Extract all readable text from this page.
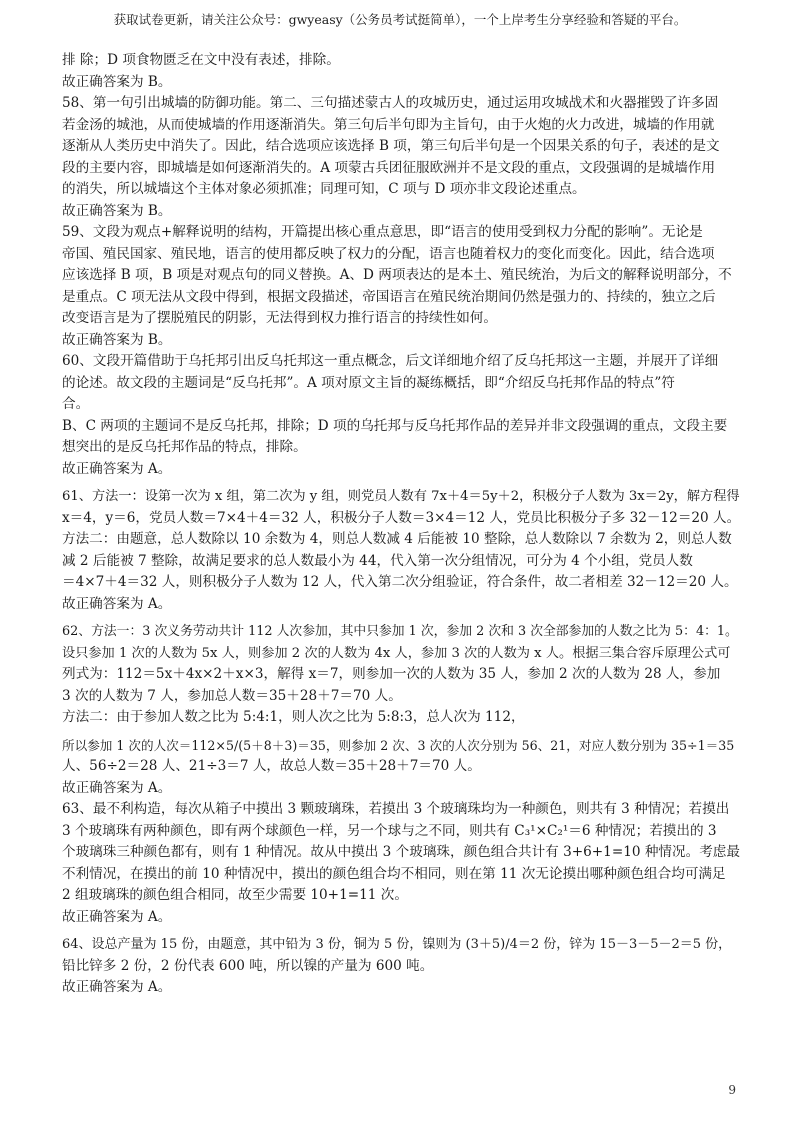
获取试卷更新，请关注公众号：gwyeasy（公务员考试挺简单），一个上岸考生分享经验和答疑的平台。

排 除；D 项食物匮乏在文中没有表述，排除。

故正确答案为 B。

58、第一句引出城墙的防御功能。第二、三句描述蒙古人的攻城历史，通过运用攻城战术和火器摧毁了许多固

若金汤的城池，从而使城墙的作用逐渐消失。第三句后半句即为主旨句，由于火炮的火力改进，城墙的作用就

逐渐从人类历史中消失了。因此，结合选项应该选择 B 项，第三句后半句是一个因果关系的句子，表述的是文

段的主要内容，即城墙是如何逐渐消失的。A 项蒙古兵团征服欧洲并不是文段的重点，文段强调的是城墙作用

的消失，所以城墙这个主体对象必须抓准；同理可知，C 项与 D 项亦非文段论述重点。

故正确答案为 B。

59、文段为观点+解释说明的结构，开篇提出核心重点意思，即“语言的使用受到权力分配的影响”。无论是

帝国、殖民国家、殖民地，语言的使用都反映了权力的分配，语言也随着权力的变化而变化。因此，结合选项

应该选择 B 项，B 项是对观点句的同义替换。A、D 两项表达的是本土、殖民统治，为后文的解释说明部分，不

是重点。C 项无法从文段中得到，根据文段描述，帝国语言在殖民统治期间仍然是强力的、持续的，独立之后

改变语言是为了摆脱殖民的阴影，无法得到权力推行语言的持续性如何。

故正确答案为 B。

60、文段开篇借助于乌托邦引出反乌托邦这一重点概念，后文详细地介绍了反乌托邦这一主题，并展开了详细

的论述。故文段的主题词是“反乌托邦”。A 项对原文主旨的凝练概括，即“介绍反乌托邦作品的特点”符

合。

B、C 两项的主题词不是反乌托邦，排除；D 项的乌托邦与反乌托邦作品的差异并非文段强调的重点，文段主要

想突出的是反乌托邦作品的特点，排除。

故正确答案为 A。

61、方法一：设第一次为 x 组，第二次为 y 组，则党员人数有 7x＋4＝5y＋2，积极分子人数为 3x＝2y，解方程得

x＝4，y＝6，党员人数＝7×4＋4＝32 人，积极分子人数＝3×4＝12 人，党员比积极分子多 32－12＝20 人。

方法二：由题意，总人数除以 10 余数为 4，则总人数减 4 后能被 10 整除，总人数除以 7 余数为 2，则总人数

减 2 后能被 7 整除，故满足要求的总人数最小为 44，代入第一次分组情况，可分为 4 个小组，党员人数

＝4×7＋4＝32 人，则积极分子人数为 12 人，代入第二次分组验证，符合条件，故二者相差 32－12＝20 人。

故正确答案为 A。

62、方法一：3 次义务劳动共计 112 人次参加，其中只参加 1 次，参加 2 次和 3 次全部参加的人数之比为 5：4：1。

设只参加 1 次的人数为 5x 人，则参加 2 次的人数为 4x 人，参加 3 次的人数为 x 人。根据三集合容斥原理公式可

列式为：112＝5x＋4x×2＋x×3，解得 x＝7，则参加一次的人数为 35 人，参加 2 次的人数为 28 人，参加

3 次的人数为 7 人，参加总人数＝35＋28＋7＝70 人。

方法二：由于参加人数之比为 5:4:1，则人次之比为 5:8:3，总人次为 112，

所以参加 1 次的人次＝112×5/(5＋8＋3)＝35，则参加 2 次、3 次的人次分别为 56、21，对应人数分别为 35÷1＝35

人、56÷2＝28 人、21÷3＝7 人，故总人数＝35＋28＋7＝70 人。

故正确答案为 A。

63、最不利构造，每次从箱子中摸出 3 颗玻璃珠，若摸出 3 个玻璃珠均为一种颜色，则共有 3 种情况；若摸出

3 个玻璃珠有两种颜色，即有两个球颜色一样，另一个球与之不同，则共有 C₃¹×C₂¹＝6 种情况；若摸出的 3

个玻璃珠三种颜色都有，则有 1 种情况。故从中摸出 3 个玻璃珠，颜色组合共计有 3+6+1=10 种情况。考虑最

不利情况，在摸出的前 10 种情况中，摸出的颜色组合均不相同，则在第 11 次无论摸出哪种颜色组合均可满足

2 组玻璃珠的颜色组合相同，故至少需要 10+1=11 次。

故正确答案为 A。

64、设总产量为 15 份，由题意，其中铅为 3 份，铜为 5 份，镍则为 (3＋5)/4＝2 份，锌为 15－3－5－2＝5 份，

铅比锌多 2 份，2 份代表 600 吨，所以镍的产量为 600 吨。

故正确答案为 A。

9
